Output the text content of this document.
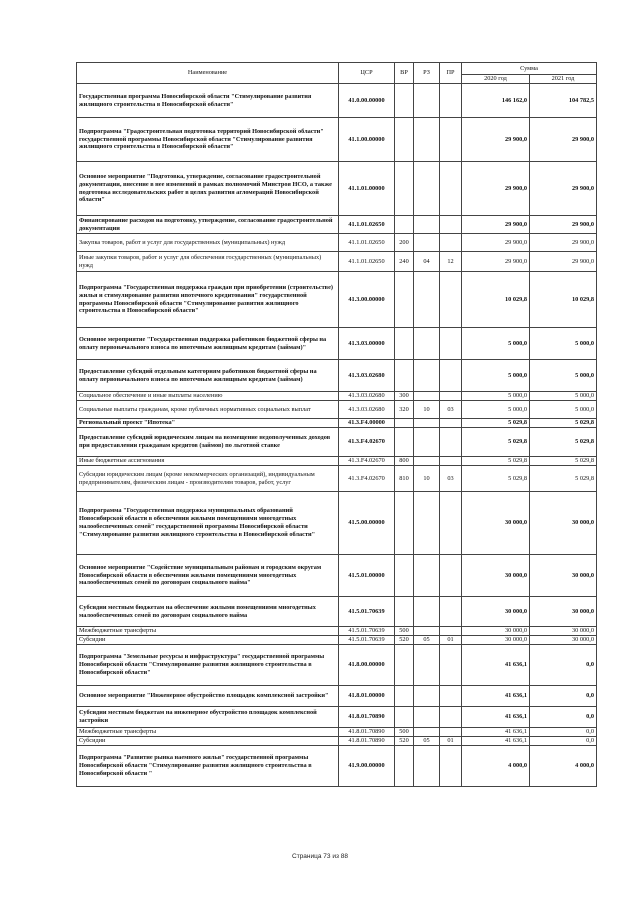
Наименование	ЦСР	ВР	РЗ	ПР	Сумма	
					2020 год	2021 год
Государственная программа Новосибирской области "Стимулирование развития жилищного строительства в Новосибирской области"	41.0.00.00000				146 162,0	104 782,5
Подпрограмма "Градостроительная подготовка территорий Новосибирской области" государственной программы Новосибирской области "Стимулирование развития жилищного строительства в Новосибирской области"	41.1.00.00000				29 900,0	29 900,0
Основное мероприятие "Подготовка, утверждение, согласование градостроительной документации, внесение в нее изменений в рамках полномочий Минстроя НСО, а также подготовка исследовательских работ в целях развития агломераций Новосибирской области"	41.1.01.00000				29 900,0	29 900,0
Финансирование расходов на подготовку, утверждение, согласование градостроительной документации	41.1.01.02650				29 900,0	29 900,0
Закупка товаров, работ и услуг для государственных (муниципальных) нужд	41.1.01.02650	200			29 900,0	29 900,0
Иные закупки товаров, работ и услуг для обеспечения государственных (муниципальных) нужд	41.1.01.02650	240	04	12	29 900,0	29 900,0
Подпрограмма "Государственная поддержка граждан при приобретении (строительстве) жилья и стимулирование развития ипотечного кредитования" государственной программы Новосибирской области "Стимулирование развития жилищного строительства в Новосибирской области"	41.3.00.00000				10 029,8	10 029,8
Основное мероприятие "Государственная поддержка работников бюджетной сферы на оплату первоначального взноса по ипотечным жилищным кредитам (займам)"	41.3.03.00000				5 000,0	5 000,0
Предоставление субсидий отдельным категориям работников бюджетной сферы на оплату первоначального взноса по ипотечным жилищным кредитам (займам)	41.3.03.02680				5 000,0	5 000,0
Социальное обеспечение и иные выплаты населению	41.3.03.02680	300			5 000,0	5 000,0
Социальные выплаты гражданам, кроме публичных нормативных социальных выплат	41.3.03.02680	320	10	03	5 000,0	5 000,0
Региональный проект "Ипотека"	41.3.F4.00000				5 029,8	5 029,8
Предоставление субсидий юридическим лицам на возмещение недополученных доходов при предоставлении гражданам кредитов (займов) по льготной ставке	41.3.F4.02670				5 029,8	5 029,8
Иные бюджетные ассигнования	41.3.F4.02670	800			5 029,8	5 029,8
Субсидии юридическим лицам (кроме некоммерческих организаций), индивидуальным предпринимателям, физическим лицам - производителям товаров, работ, услуг	41.3.F4.02670	810	10	03	5 029,8	5 029,8
Подпрограмма "Государственная поддержка муниципальных образований Новосибирской области в обеспечении жилыми помещениями многодетных малообеспеченных семей" государственной программы Новосибирской области "Стимулирование развития жилищного строительства в Новосибирской области"	41.5.00.00000				30 000,0	30 000,0
Основное мероприятие "Содействие муниципальным районам и городским округам Новосибирской области в обеспечении жилыми помещениями многодетных малообеспеченных семей по договорам социального найма"	41.5.01.00000				30 000,0	30 000,0
Субсидии местным бюджетам на обеспечение жилыми помещениями многодетных малообеспеченных семей по договорам социального найма	41.5.01.70639				30 000,0	30 000,0
Межбюджетные трансферты	41.5.01.70639	500			30 000,0	30 000,0
Субсидии	41.5.01.70639	520	05	01	30 000,0	30 000,0
Подпрограмма "Земельные ресурсы и инфраструктура" государственной программы Новосибирской области "Стимулирование развития жилищного строительства в Новосибирской области"	41.8.00.00000				41 636,1	0,0
Основное мероприятие "Инженерное обустройство площадок комплексной застройки"	41.8.01.00000				41 636,1	0,0
Субсидии местным бюджетам на инженерное обустройство площадок комплексной застройки	41.8.01.70890				41 636,1	0,0
Межбюджетные трансферты	41.8.01.70890	500			41 636,1	0,0
Субсидии	41.8.01.70890	520	05	01	41 636,1	0,0
Подпрограмма "Развитие рынка наемного жилья" государственной программы Новосибирской области "Стимулирование развития жилищного строительства в Новосибирской области "	41.9.00.00000				4 000,0	4 000,0
Страница 73 из 88
